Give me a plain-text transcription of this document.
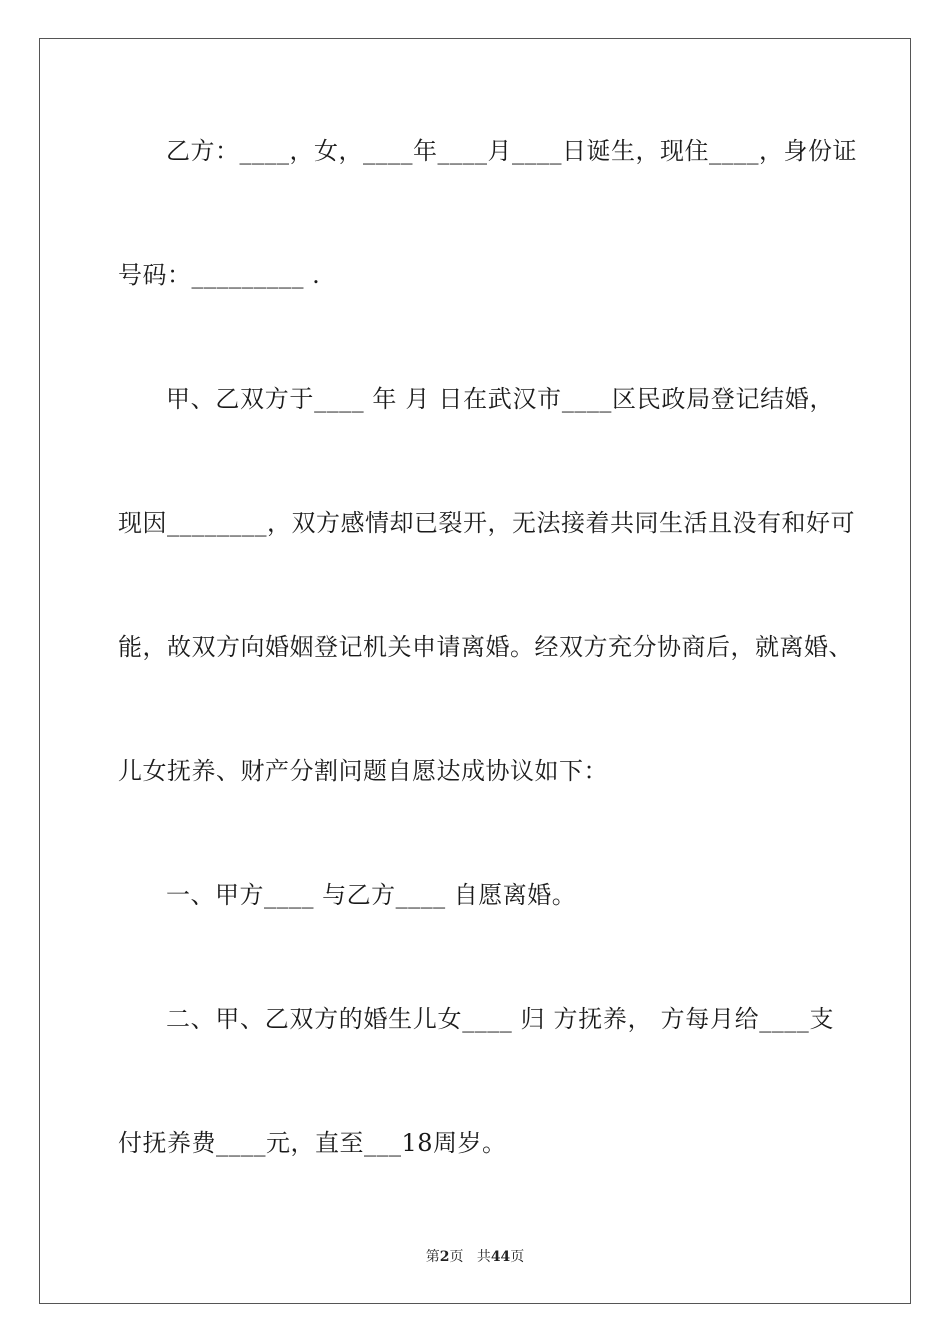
乙方：____，女，____年____月____日诞生，现住____，身份证
号码：_________ .
甲、乙双方于____ 年 月 日在武汉市____区民政局登记结婚，
现因________，双方感情却已裂开，无法接着共同生活且没有和好可
能，故双方向婚姻登记机关申请离婚。经双方充分协商后，就离婚、
儿女抚养、财产分割问题自愿达成协议如下：
一、甲方____ 与乙方____ 自愿离婚。
二、甲、乙双方的婚生儿女____ 归 方抚养， 方每月给____支
付抚养费____元，直至___18周岁。
第2页 共44页
